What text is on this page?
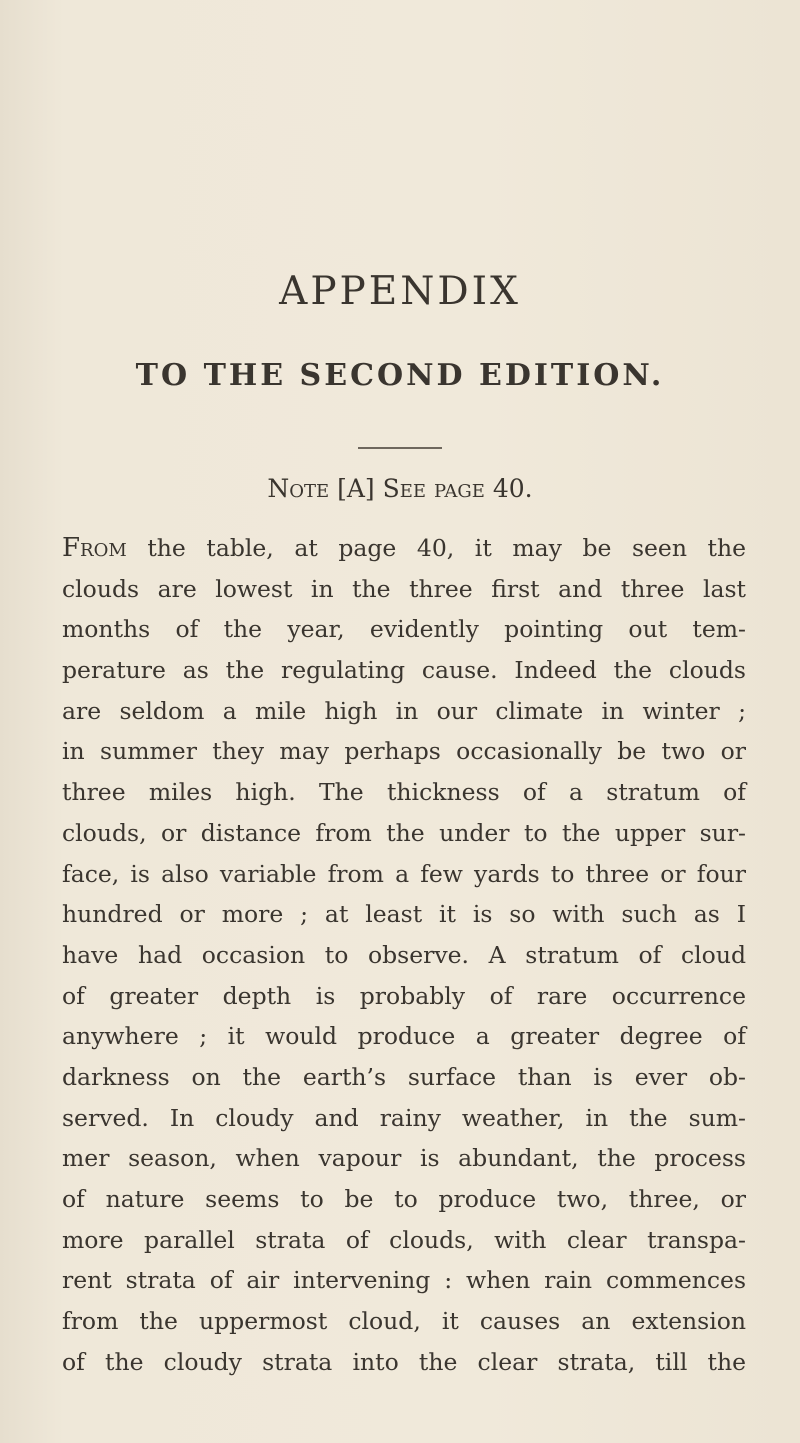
APPENDIX
TO THE SECOND EDITION.
Note [A] See page 40.
From the table, at page 40, it may be seen the
clouds are lowest in the three first and three last
months of the year, evidently pointing out tem-
perature as the regulating cause. Indeed the clouds
are seldom a mile high in our climate in winter ;
in summer they may perhaps occasionally be two or
three miles high. The thickness of a stratum of
clouds, or distance from the under to the upper sur-
face, is also variable from a few yards to three or four
hundred or more ; at least it is so with such as I
have had occasion to observe. A stratum of cloud
of greater depth is probably of rare occurrence
anywhere ; it would produce a greater degree of
darkness on the earth’s surface than is ever ob-
served. In cloudy and rainy weather, in the sum-
mer season, when vapour is abundant, the process
of nature seems to be to produce two, three, or
more parallel strata of clouds, with clear transpa-
rent strata of air intervening : when rain commences
from the uppermost cloud, it causes an extension
of the cloudy strata into the clear strata, till the
